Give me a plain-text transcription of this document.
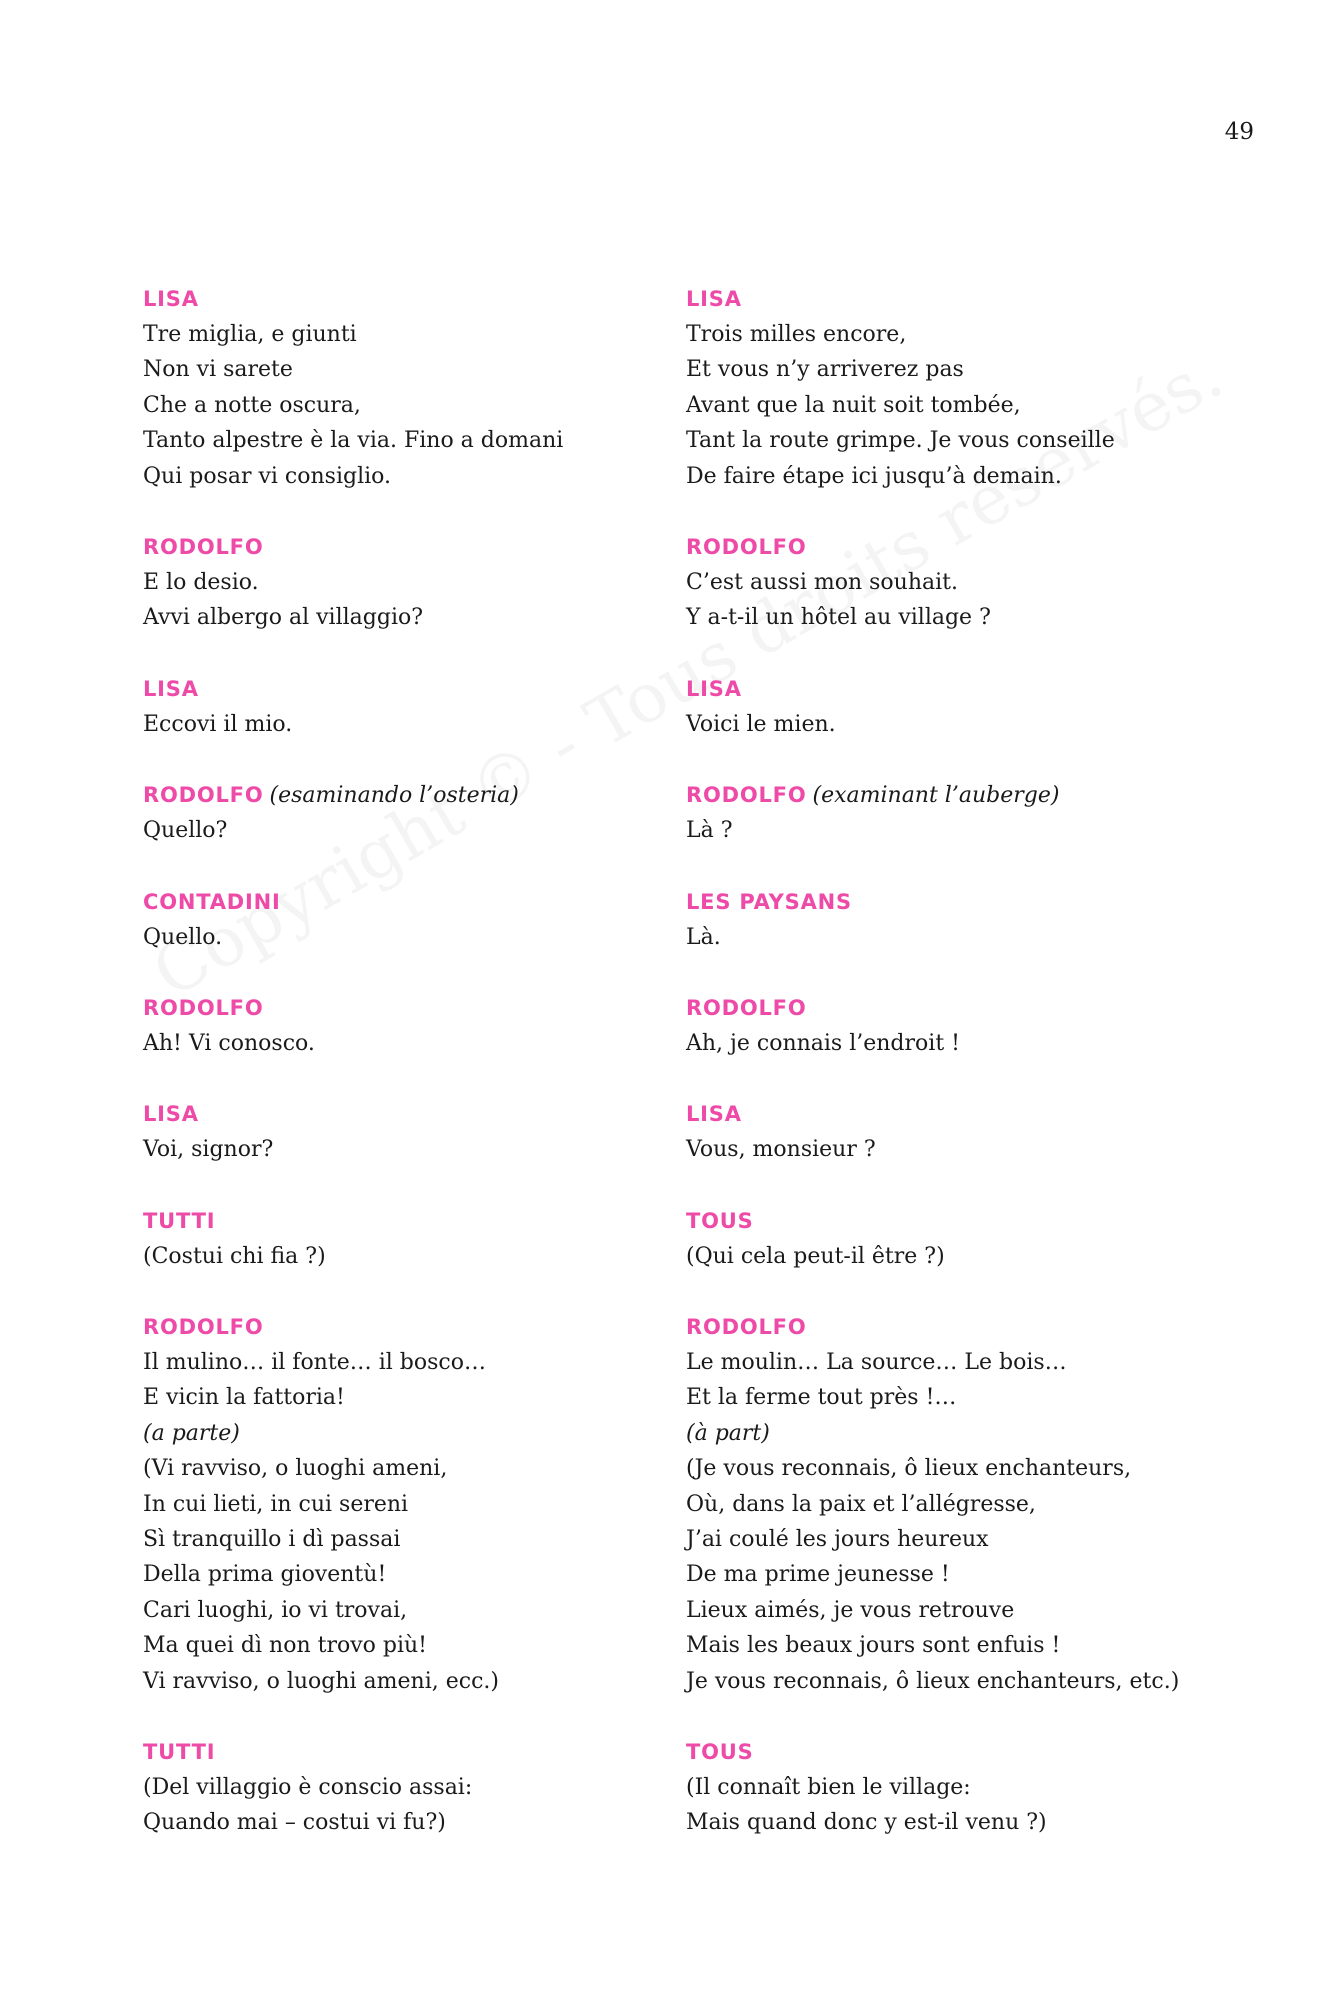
49
LISA
Tre miglia, e giunti
Non vi sarete
Che a notte oscura,
Tanto alpestre è la via. Fino a domani
Qui posar vi consiglio.
RODOLFO
E lo desio.
Avvi albergo al villaggio?
LISA
Eccovi il mio.
RODOLFO (esaminando l’osteria)
Quello?
CONTADINI
Quello.
RODOLFO
Ah! Vi conosco.
LISA
Voi, signor?
TUTTI
(Costui chi fia ?)
RODOLFO
Il mulino… il fonte… il bosco…
E vicin la fattoria!
(a parte)
(Vi ravviso, o luoghi ameni,
In cui lieti, in cui sereni
Sì tranquillo i dì passai
Della prima gioventù!
Cari luoghi, io vi trovai,
Ma quei dì non trovo più!
Vi ravviso, o luoghi ameni, ecc.)
TUTTI
(Del villaggio è conscio assai:
Quando mai – costui vi fu?)
LISA
Trois milles encore,
Et vous n’y arriverez pas
Avant que la nuit soit tombée,
Tant la route grimpe. Je vous conseille
De faire étape ici jusqu’à demain.
RODOLFO
C’est aussi mon souhait.
Y a-t-il un hôtel au village ?
LISA
Voici le mien.
RODOLFO (examinant l’auberge)
Là ?
LES PAYSANS
Là.
RODOLFO
Ah, je connais l’endroit !
LISA
Vous, monsieur ?
TOUS
(Qui cela peut-il être ?)
RODOLFO
Le moulin… La source… Le bois…
Et la ferme tout près !…
(à part)
(Je vous reconnais, ô lieux enchanteurs,
Où, dans la paix et l’allégresse,
J’ai coulé les jours heureux
De ma prime jeunesse !
Lieux aimés, je vous retrouve
Mais les beaux jours sont enfuis !
Je vous reconnais, ô lieux enchanteurs, etc.)
TOUS
(Il connaît bien le village:
Mais quand donc y est-il venu ?)
